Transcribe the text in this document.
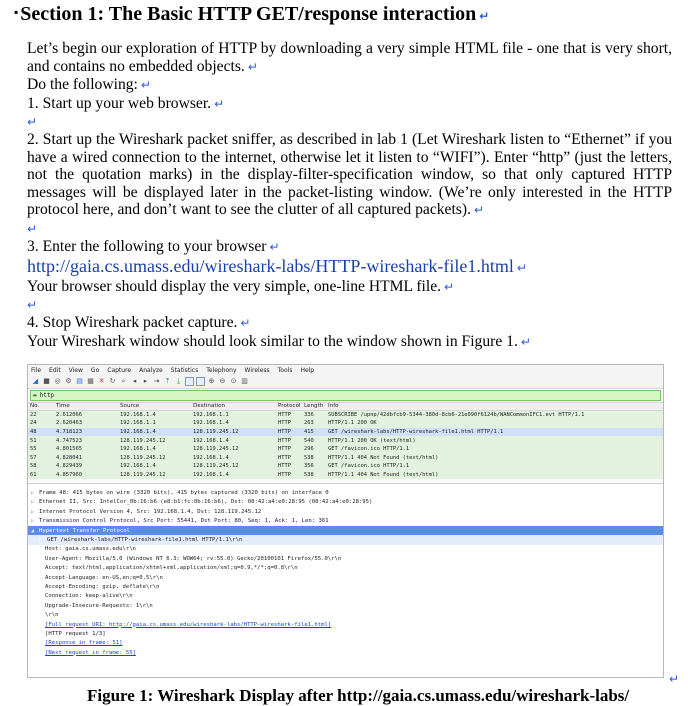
▪ Section 1: The Basic HTTP GET/response interaction ↵

Let’s begin our exploration of HTTP by downloading a very simple HTML file - one that is very short, and contains no embedded objects. ↵

Do the following: ↵

1. Start up your web browser. ↵

↵

2. Start up the Wireshark packet sniffer, as described in lab 1 (Let Wireshark listen to “Ethernet” if you have a wired connection to the internet, otherwise let it listen to “WIFI”). Enter “http” (just the letters, not the quotation marks) in the display-filter-specification window, so that only captured HTTP messages will be displayed later in the packet-listing window. (We’re only interested in the HTTP protocol here, and don’t want to see the clutter of all captured packets). ↵

↵

3. Enter the following to your browser ↵

http://gaia.cs.umass.edu/wireshark-labs/HTTP-wireshark-file1.html ↵

Your browser should display the very simple, one-line HTML file. ↵

↵

4. Stop Wireshark packet capture. ↵

Your Wireshark window should look similar to the window shown in Figure 1. ↵

File Edit View Go Capture Analyze Statistics Telephony Wireless Tools Help
◢ ■ ◎ ⚙ ▤ ▦ ✕ ↻ ⌕	◂	▸ ⇥ ⤒	⤓	⊕ ⊖ ⊙ ▥
▬ http
No.	Time	Source	Destination	Protocol Length Info
22	2.612066	192.168.1.4	192.168.1.1	HTTP	336	SUBSCRIBE /upnp/42dbfcb9-5344-380d-8cb6-21e090f6124b/WANCommonIFC1.evt HTTP/1.1
24	2.620463	192.168.1.1	192.168.1.4	HTTP	263	HTTP/1.1 200 OK
48	4.718123	192.168.1.4	128.119.245.12	HTTP	415	GET /wireshark-labs/HTTP-wireshark-file1.html HTTP/1.1
51	4.747523	128.119.245.12	192.168.1.4	HTTP	540	HTTP/1.1 200 OK (text/html)
55	4.801565	192.168.1.4	128.119.245.12	HTTP	296	GET /favicon.ico HTTP/1.1
57	4.828041	128.119.245.12	192.168.1.4	HTTP	538	HTTP/1.1 404 Not Found (text/html)
58	4.829439	192.168.1.4	128.119.245.12	HTTP	356	GET /favicon.ico HTTP/1.1
61	4.857960	128.119.245.12	192.168.1.4	HTTP	538	HTTP/1.1 404 Not Found (text/html)
▷ Frame 48: 415 bytes on wire (3320 bits), 415 bytes captured (3320 bits) on interface 0
▷ Ethernet II, Src: IntelCor_0b:16:b6 (e8:b1:fc:0b:16:b6), Dst: 08:42:a4:e0:28:95 (08:42:a4:e0:28:95)
▷ Internet Protocol Version 4, Src: 192.168.1.4, Dst: 128.119.245.12
▷ Transmission Control Protocol, Src Port: 55441, Dst Port: 80, Seq: 1, Ack: 1, Len: 361
◢ Hypertext Transfer Protocol
▷ GET /wireshark-labs/HTTP-wireshark-file1.html HTTP/1.1\r\n
Host: gaia.cs.umass.edu\r\n
User-Agent: Mozilla/5.0 (Windows NT 6.3; WOW64; rv:55.0) Gecko/20100101 Firefox/55.0\r\n
Accept: text/html,application/xhtml+xml,application/xml;q=0.9,*/*;q=0.8\r\n
Accept-Language: en-US,en;q=0.5\r\n
Accept-Encoding: gzip, deflate\r\n
Connection: keep-alive\r\n
Upgrade-Insecure-Requests: 1\r\n
\r\n
[Full request URI: http://gaia.cs.umass.edu/wireshark-labs/HTTP-wireshark-file1.html]
[HTTP request 1/3]
[Response in frame: 51]
[Next request in frame: 55]
↵
Figure 1: Wireshark Display after http://gaia.cs.umass.edu/wireshark-labs/
